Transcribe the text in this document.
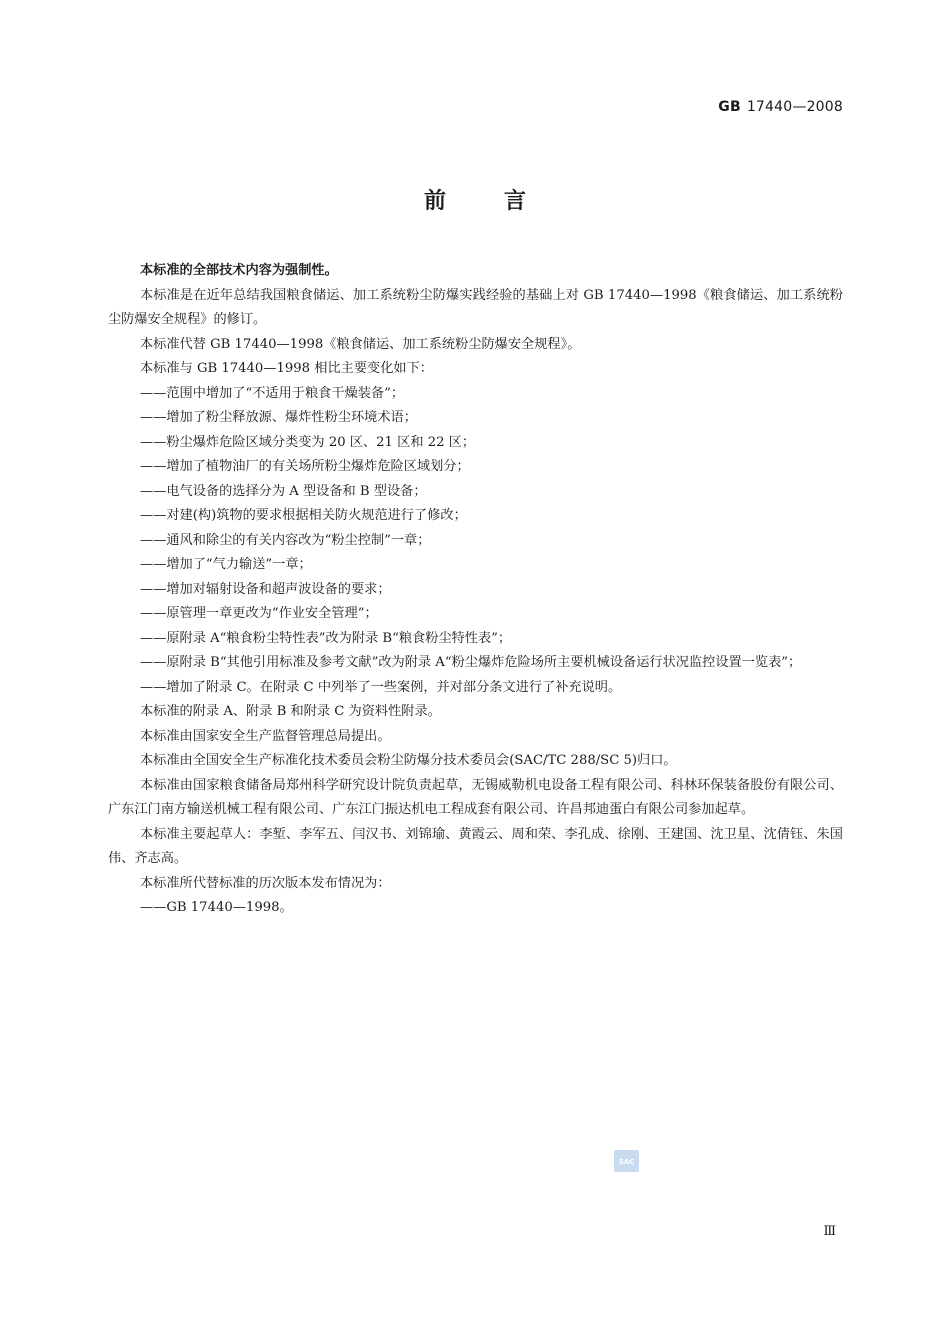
GB 17440—2008
前言

本标准的全部技术内容为强制性。

本标准是在近年总结我国粮食储运、加工系统粉尘防爆实践经验的基础上对 GB 17440—1998《粮食储运、加工系统粉尘防爆安全规程》的修订。

本标准代替 GB 17440—1998《粮食储运、加工系统粉尘防爆安全规程》。

本标准与 GB 17440—1998 相比主要变化如下：

——范围中增加了“不适用于粮食干燥装备”；

——增加了粉尘释放源、爆炸性粉尘环境术语；

——粉尘爆炸危险区域分类变为 20 区、21 区和 22 区；

——增加了植物油厂的有关场所粉尘爆炸危险区域划分；

——电气设备的选择分为 A 型设备和 B 型设备；

——对建(构)筑物的要求根据相关防火规范进行了修改；

——通风和除尘的有关内容改为“粉尘控制”一章；

——增加了“气力输送”一章；

——增加对辐射设备和超声波设备的要求；

——原管理一章更改为“作业安全管理”；

——原附录 A“粮食粉尘特性表”改为附录 B“粮食粉尘特性表”；

——原附录 B“其他引用标准及参考文献”改为附录 A“粉尘爆炸危险场所主要机械设备运行状况监控设置一览表”；

——增加了附录 C。在附录 C 中列举了一些案例，并对部分条文进行了补充说明。

本标准的附录 A、附录 B 和附录 C 为资料性附录。

本标准由国家安全生产监督管理总局提出。

本标准由全国安全生产标准化技术委员会粉尘防爆分技术委员会(SAC/TC 288/SC 5)归口。

本标准由国家粮食储备局郑州科学研究设计院负责起草，无锡威勒机电设备工程有限公司、科林环保装备股份有限公司、广东江门南方输送机械工程有限公司、广东江门振达机电工程成套有限公司、许昌邦迪蛋白有限公司参加起草。

本标准主要起草人：李堑、李军五、闫汉书、刘锦瑜、黄霞云、周和荣、李孔成、徐刚、王建国、沈卫星、沈倩钰、朱国伟、齐志高。

本标准所代替标准的历次版本发布情况为：

——GB 17440—1998。

SAC
Ⅲ
